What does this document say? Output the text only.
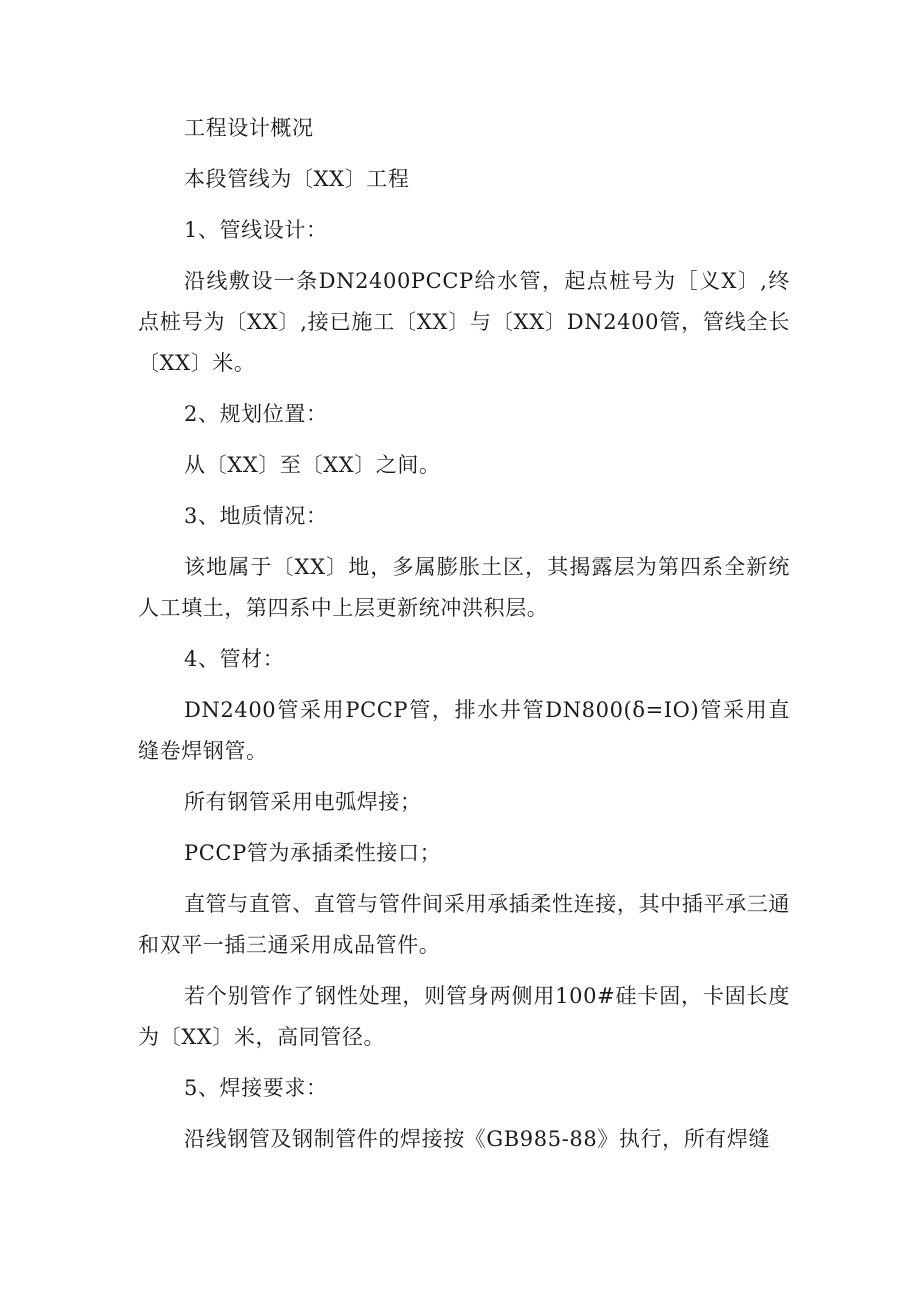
工程设计概况

本段管线为〔XX〕工程

1、管线设计：

沿线敷设一条DN2400PCCP给水管，起点桩号为［义X〕,终点桩号为〔XX〕,接已施工〔XX〕与〔XX〕DN2400管，管线全长〔XX〕米。

2、规划位置：

从〔XX〕至〔XX〕之间。

3、地质情况：

该地属于〔XX〕地，多属膨胀土区，其揭露层为第四系全新统人工填土，第四系中上层更新统冲洪积层。

4、管材：

DN2400管采用PCCP管，排水井管DN800(δ=IO)管采用直缝卷焊钢管。

所有钢管采用电弧焊接；

PCCP管为承插柔性接口；

直管与直管、直管与管件间采用承插柔性连接，其中插平承三通和双平一插三通采用成品管件。

若个别管作了钢性处理，则管身两侧用100#硅卡固，卡固长度为〔XX〕米，高同管径。

5、焊接要求：

沿线钢管及钢制管件的焊接按《GB985-88》执行，所有焊缝
